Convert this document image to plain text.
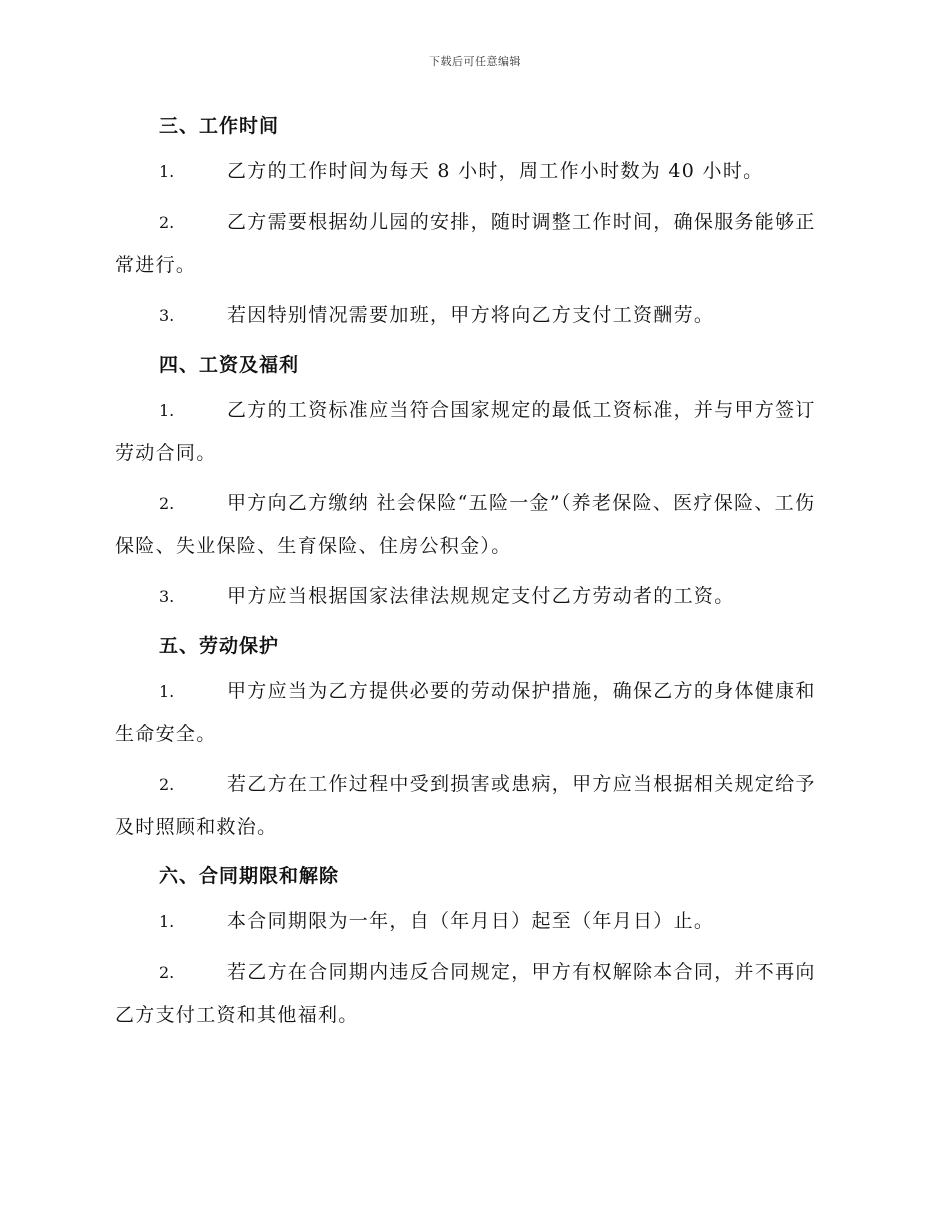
下载后可任意编辑
三、工作时间
1.	乙方的工作时间为每天 8 小时，周工作小时数为 40 小时。
2.	乙方需要根据幼儿园的安排，随时调整工作时间，确保服务能够正常进行。
3.	若因特别情况需要加班，甲方将向乙方支付工资酬劳。
四、工资及福利
1.	乙方的工资标准应当符合国家规定的最低工资标准，并与甲方签订劳动合同。
2.	甲方向乙方缴纳 社会保险“五险一金”（养老保险、医疗保险、工伤保险、失业保险、生育保险、住房公积金）。
3.	甲方应当根据国家法律法规规定支付乙方劳动者的工资。
五、劳动保护
1.	甲方应当为乙方提供必要的劳动保护措施，确保乙方的身体健康和生命安全。
2.	若乙方在工作过程中受到损害或患病，甲方应当根据相关规定给予及时照顾和救治。
六、合同期限和解除
1.	本合同期限为一年，自（年月日）起至（年月日）止。
2.	若乙方在合同期内违反合同规定，甲方有权解除本合同，并不再向乙方支付工资和其他福利。
